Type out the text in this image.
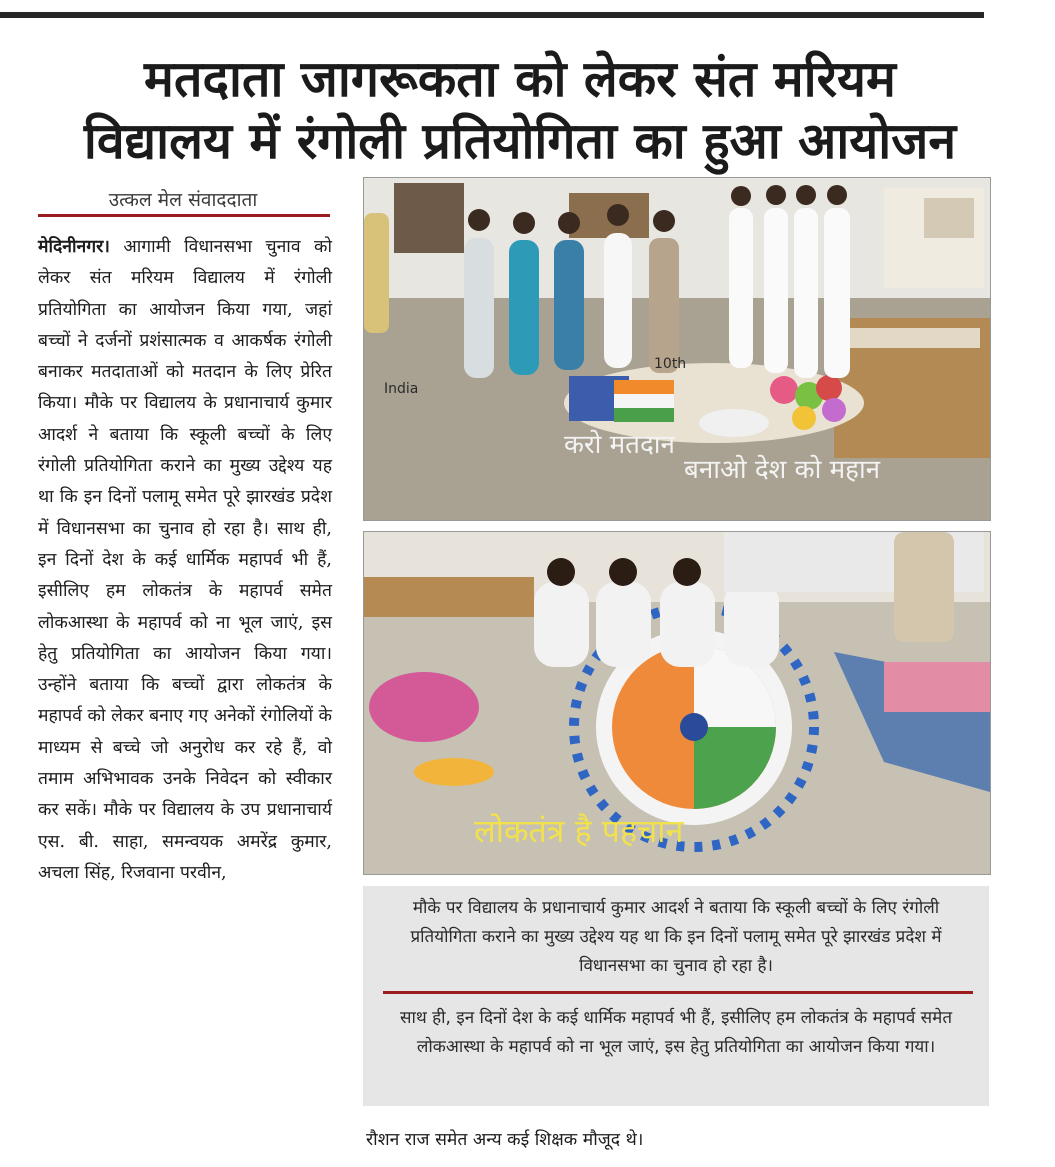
मतदाता जागरूकता को लेकर संत मरियम
विद्यालय में रंगोली प्रतियोगिता का हुआ आयोजन
उत्कल मेल संवाददाता
मेदिनीनगर। आगामी विधानसभा चुनाव को लेकर संत मरियम विद्यालय में रंगोली प्रतियोगिता का आयोजन किया गया, जहां बच्चों ने दर्जनों प्रशंसात्मक व आकर्षक रंगोली बनाकर मतदाताओं को मतदान के लिए प्रेरित किया। मौके पर विद्यालय के प्रधानाचार्य कुमार आदर्श ने बताया कि स्कूली बच्चों के लिए रंगोली प्रतियोगिता कराने का मुख्य उद्देश्य यह था कि इन दिनों पलामू समेत पूरे झारखंड प्रदेश में विधानसभा का चुनाव हो रहा है। साथ ही, इन दिनों देश के कई धार्मिक महापर्व भी हैं, इसीलिए हम लोकतंत्र के महापर्व समेत लोकआस्था के महापर्व को ना भूल जाएं, इस हेतु प्रतियोगिता का आयोजन किया गया। उन्होंने बताया कि बच्चों द्वारा लोकतंत्र के महापर्व को लेकर बनाए गए अनेकों रंगोलियों के माध्यम से बच्चे जो अनुरोध कर रहे हैं, वो तमाम अभिभावक उनके निवेदन को स्वीकार कर सकें। मौके पर विद्यालय के उप प्रधानाचार्य एस. बी. साहा, समन्वयक अमरेंद्र कुमार, अचला सिंह, रिजवाना परवीन,
करो मतदान
बनाओ देश को महान
10th
India
लोकतंत्र है पहचान
मौके पर विद्यालय के प्रधानाचार्य कुमार आदर्श ने बताया कि स्कूली बच्चों के लिए रंगोली प्रतियोगिता कराने का मुख्य उद्देश्य यह था कि इन दिनों पलामू समेत पूरे झारखंड प्रदेश में विधानसभा का चुनाव हो रहा है।
साथ ही, इन दिनों देश के कई धार्मिक महापर्व भी हैं, इसीलिए हम लोकतंत्र के महापर्व समेत लोकआस्था के महापर्व को ना भूल जाएं, इस हेतु प्रतियोगिता का आयोजन किया गया।
रौशन राज समेत अन्य कई शिक्षक मौजूद थे।
